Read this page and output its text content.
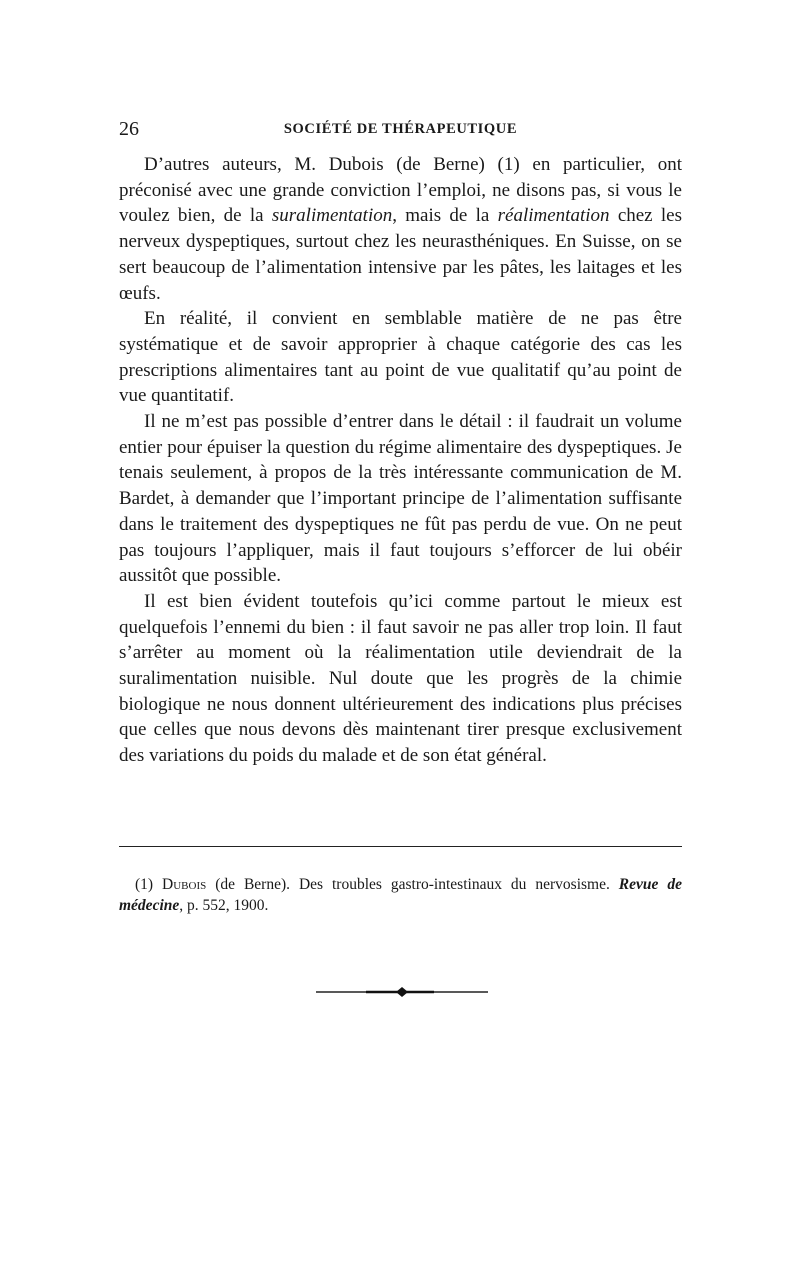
26	SOCIÉTÉ DE THÉRAPEUTIQUE

D’autres auteurs, M. Dubois (de Berne) (1) en particulier, ont préconisé avec une grande conviction l’emploi, ne disons pas, si vous le voulez bien, de la suralimentation, mais de la réalimentation chez les nerveux dyspeptiques, surtout chez les neurasthéniques. En Suisse, on se sert beaucoup de l’alimentation intensive par les pâtes, les laitages et les œufs.

En réalité, il convient en semblable matière de ne pas être systématique et de savoir approprier à chaque catégorie des cas les prescriptions alimentaires tant au point de vue qualitatif qu’au point de vue quantitatif.

Il ne m’est pas possible d’entrer dans le détail : il faudrait un volume entier pour épuiser la question du régime alimentaire des dyspeptiques. Je tenais seulement, à propos de la très intéressante communication de M. Bardet, à demander que l’important principe de l’alimentation suffisante dans le traitement des dyspeptiques ne fût pas perdu de vue. On ne peut pas toujours l’appliquer, mais il faut toujours s’efforcer de lui obéir aussitôt que possible.

Il est bien évident toutefois qu’ici comme partout le mieux est quelquefois l’ennemi du bien : il faut savoir ne pas aller trop loin. Il faut s’arrêter au moment où la réalimentation utile deviendrait de la suralimentation nuisible. Nul doute que les progrès de la chimie biologique ne nous donnent ultérieurement des indications plus précises que celles que nous devons dès maintenant tirer presque exclusivement des variations du poids du malade et de son état général.

(1) Dubois (de Berne). Des troubles gastro-intestinaux du nervosisme. Revue de médecine, p. 552, 1900.
